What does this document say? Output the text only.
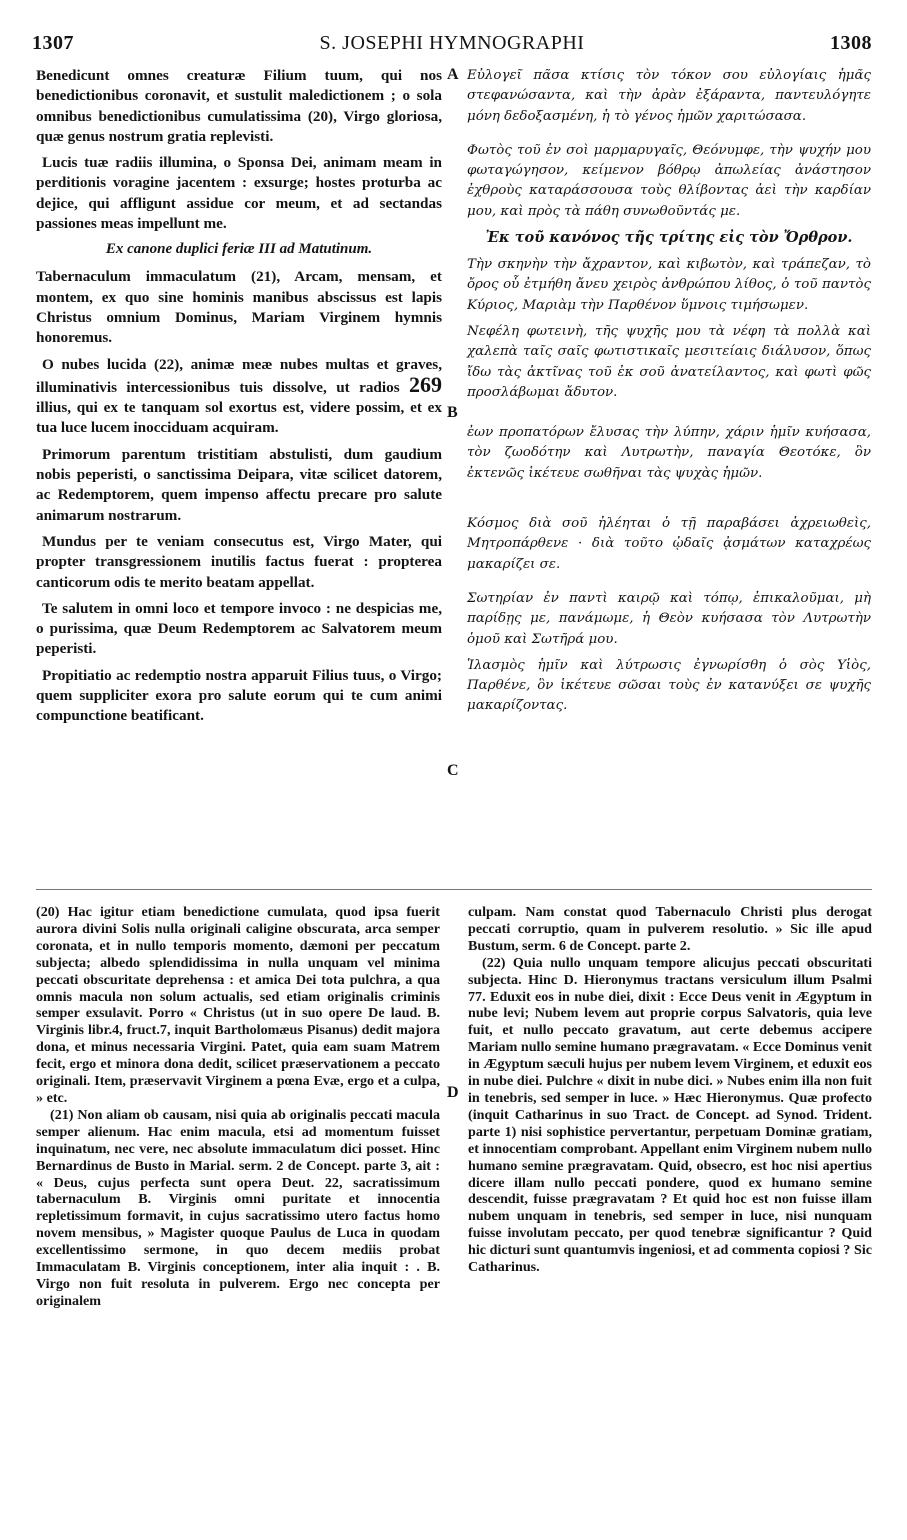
1307	S. JOSEPHI HYMNOGRAPHI	1308
A
B
C
D

Benedicunt omnes creaturæ Filium tuum, qui nos benedictionibus coronavit, et sustulit maledictionem ; o sola omnibus benedictionibus cumulatissima (20), Virgo gloriosa, quæ genus nostrum gratia replevisti.

Lucis tuæ radiis illumina, o Sponsa Dei, animam meam in perditionis voragine jacentem : exsurge; hostes proturba ac dejice, qui affligunt assidue cor meum, et ad sectandas passiones meas impellunt me.

Ex canone duplici feriæ III ad Matutinum.

Tabernaculum immaculatum (21), Arcam, mensam, et montem, ex quo sine hominis manibus abscissus est lapis Christus omnium Dominus, Mariam Virginem hymnis honoremus.

O nubes lucida (22), animæ meæ nubes multas et graves, illuminativis intercessionibus tuis dissolve, ut radios 269 illius, qui ex te tanquam sol exortus est, videre possim, et ex tua luce lucem inocciduam acquiram.

Primorum parentum tristitiam abstulisti, dum gaudium nobis peperisti, o sanctissima Deipara, vitæ scilicet datorem, ac Redemptorem, quem impenso affectu precare pro salute animarum nostrarum.

Mundus per te veniam consecutus est, Virgo Mater, qui propter transgressionem inutilis factus fuerat : propterea canticorum odis te merito beatam appellat.

Te salutem in omni loco et tempore invoco : ne despicias me, o purissima, quæ Deum Redemptorem ac Salvatorem meum peperisti.

Propitiatio ac redemptio nostra apparuit Filius tuus, o Virgo; quem suppliciter exora pro salute eorum qui te cum animi compunctione beatificant.

Εὐλογεῖ πᾶσα κτίσις τὸν τόκον σου εὐλογίαις ἡμᾶς στεφανώσαντα, καὶ τὴν ἀρὰν ἐξάραντα, παντευλόγητε μόνη δεδοξασμένη, ἡ τὸ γένος ἡμῶν χαριτώσασα.

Φωτὸς τοῦ ἐν σοὶ μαρμαρυγαῖς, Θεόνυμφε, τὴν ψυχήν μου φωταγώγησον, κείμενον βόθρῳ ἀπωλείας ἀνάστησον ἐχθροὺς καταράσσουσα τοὺς θλίβοντας ἀεὶ τὴν καρδίαν μου, καὶ πρὸς τὰ πάθη συνωθοῦντάς με.

Ἐκ τοῦ κανόνος τῆς τρίτης εἰς τὸν Ὄρθρον.

Τὴν σκηνὴν τὴν ἄχραντον, καὶ κιβωτὸν, καὶ τράπεζαν, τὸ ὄρος οὗ ἐτμήθη ἄνευ χειρὸς ἀνθρώπου λίθος, ὁ τοῦ παντὸς Κύριος, Μαριὰμ τὴν Παρθένον ὕμνοις τιμήσωμεν.

Νεφέλη φωτεινὴ, τῆς ψυχῆς μου τὰ νέφη τὰ πολλὰ καὶ χαλεπὰ ταῖς σαῖς φωτιστικαῖς μεσιτείαις διάλυσον, ὅπως ἴδω τὰς ἀκτῖνας τοῦ ἐκ σοῦ ἀνατείλαντος, καὶ φωτὶ φῶς προσλάβωμαι ἄδυτον.

ἐων προπατόρων ἔλυσας τὴν λύπην, χάριν ἡμῖν κυήσασα, τὸν ζωοδότην καὶ Λυτρωτὴν, παναγία Θεοτόκε, ὃν ἐκτενῶς ἱκέτευε σωθῆναι τὰς ψυχὰς ἡμῶν.

Κόσμος διὰ σοῦ ἠλέηται ὁ τῇ παραβάσει ἀχρειωθεὶς, Μητροπάρθενε · διὰ τοῦτο ᾠδαῖς ᾀσμάτων καταχρέως μακαρίζει σε.

Σωτηρίαν ἐν παντὶ καιρῷ καὶ τόπῳ, ἐπικαλοῦμαι, μὴ παρίδῃς με, πανάμωμε, ἡ Θεὸν κυήσασα τὸν Λυτρωτὴν ὁμοῦ καὶ Σωτῆρά μου.

Ἱλασμὸς ἡμῖν καὶ λύτρωσις ἐγνωρίσθη ὁ σὸς Υἱὸς, Παρθένε, ὃν ἱκέτευε σῶσαι τοὺς ἐν κατανύξει σε ψυχῆς μακαρίζοντας.

(20) Hac igitur etiam benedictione cumulata, quod ipsa fuerit aurora divini Solis nulla originali caligine obscurata, arca semper coronata, et in nullo temporis momento, dæmoni per peccatum subjecta; albedo splendidissima in nulla unquam vel minima peccati obscuritate deprehensa : et amica Dei tota pulchra, a qua omnis macula non solum actualis, sed etiam originalis criminis semper exsulavit. Porro « Christus (ut in suo opere De laud. B. Virginis libr.4, fruct.7, inquit Bartholomæus Pisanus) dedit majora dona, et minus necessaria Virgini. Patet, quia eam suam Matrem fecit, ergo et minora dona dedit, scilicet præservationem a peccato originali. Item, præservavit Virginem a pœna Evæ, ergo et a culpa, » etc.

(21) Non aliam ob causam, nisi quia ab originalis peccati macula semper alienum. Hac enim macula, etsi ad momentum fuisset inquinatum, nec vere, nec absolute immaculatum dici posset. Hinc Bernardinus de Busto in Marial. serm. 2 de Concept. parte 3, ait : « Deus, cujus perfecta sunt opera Deut. 22, sacratissimum tabernaculum B. Virginis omni puritate et innocentia repletissimum formavit, in cujus sacratissimo utero factus homo novem mensibus, » Magister quoque Paulus de Luca in quodam excellentissimo sermone, in quo decem mediis probat Immaculatam B. Virginis conceptionem, inter alia inquit : . B. Virgo non fuit resoluta in pulverem. Ergo nec concepta per originalem

culpam. Nam constat quod Tabernaculo Christi plus derogat peccati corruptio, quam in pulverem resolutio. » Sic ille apud Bustum, serm. 6 de Concept. parte 2.

(22) Quia nullo unquam tempore alicujus peccati obscuritati subjecta. Hinc D. Hieronymus tractans versiculum illum Psalmi 77. Eduxit eos in nube diei, dixit : Ecce Deus venit in Ægyptum in nube levi; Nubem levem aut proprie corpus Salvatoris, quia leve fuit, et nullo peccato gravatum, aut certe debemus accipere Mariam nullo semine humano prægravatam. « Ecce Dominus venit in Ægyptum sæculi hujus per nubem levem Virginem, et eduxit eos in nube diei. Pulchre « dixit in nube dici. » Nubes enim illa non fuit in tenebris, sed semper in luce. » Hæc Hieronymus. Quæ profecto (inquit Catharinus in suo Tract. de Concept. ad Synod. Trident. parte 1) nisi sophistice pervertantur, perpetuam Dominæ gratiam, et innocentiam comprobant. Appellant enim Virginem nubem nullo humano semine prægravatam. Quid, obsecro, est hoc nisi apertius dicere illam nullo peccati pondere, quod ex humano semine descendit, fuisse prægravatam ? Et quid hoc est non fuisse illam nubem unquam in tenebris, sed semper in luce, nisi nunquam fuisse involutam peccato, per quod tenebræ significantur ? Quid hic dicturi sunt quantumvis ingeniosi, et ad commenta copiosi ? Sic Catharinus.
